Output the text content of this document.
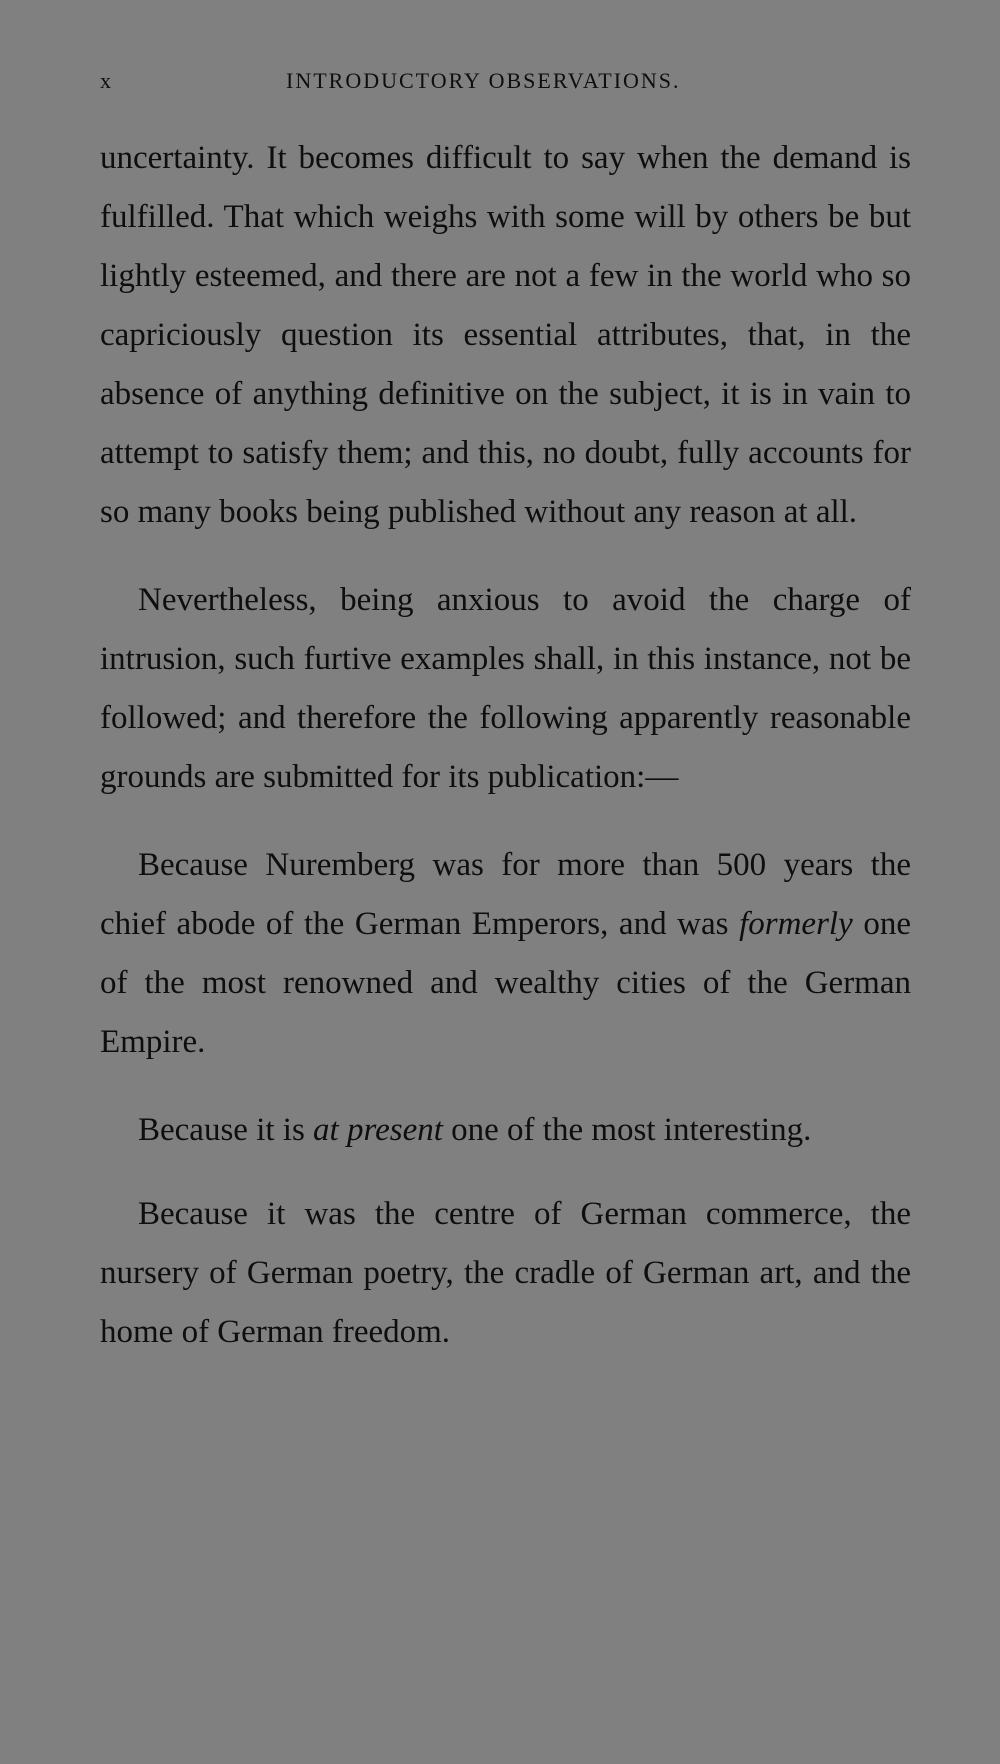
x	INTRODUCTORY OBSERVATIONS.

uncertainty. It becomes difficult to say when the demand is fulfilled. That which weighs with some will by others be but lightly esteemed, and there are not a few in the world who so capriciously question its essential attributes, that, in the absence of anything definitive on the subject, it is in vain to attempt to satisfy them; and this, no doubt, fully accounts for so many books being published without any reason at all.

Nevertheless, being anxious to avoid the charge of intrusion, such furtive examples shall, in this instance, not be followed; and therefore the following apparently reasonable grounds are submitted for its publication:—

Because Nuremberg was for more than 500 years the chief abode of the German Emperors, and was formerly one of the most renowned and wealthy cities of the German Empire.

Because it is at present one of the most interesting.

Because it was the centre of German commerce, the nursery of German poetry, the cradle of German art, and the home of German freedom.
